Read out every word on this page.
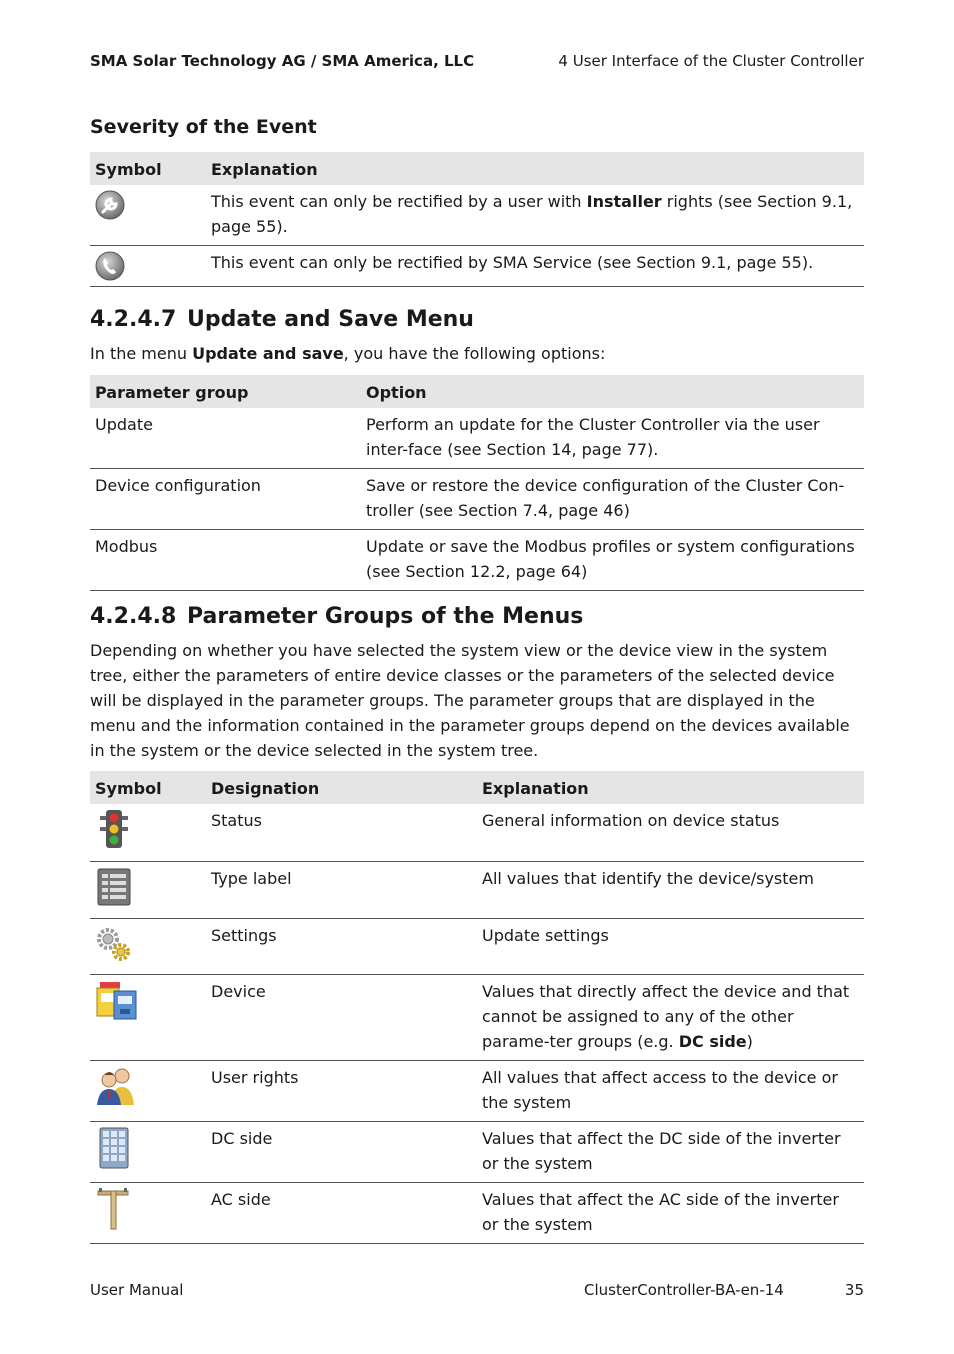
SMA Solar Technology AG / SMA America, LLC	4 User Interface of the Cluster Controller
Severity of the Event
Symbol	Explanation

	This event can only be rectified by a user with Installer rights (see Section 9.1, page 55).

	This event can only be rectified by SMA Service (see Section 9.1, page 55).
4.2.4.7 Update and Save Menu

In the menu Update and save, you have the following options:

Parameter group	Option
Update	Perform an update for the Cluster Controller via the user inter-face (see Section 14, page 77).
Device configuration	Save or restore the device configuration of the Cluster Con-troller (see Section 7.4, page 46)
Modbus	Update or save the Modbus profiles or system configurations (see Section 12.2, page 64)
4.2.4.8 Parameter Groups of the Menus

Depending on whether you have selected the system view or the device view in the system tree, either the parameters of entire device classes or the parameters of the selected device will be displayed in the parameter groups. The parameter groups that are displayed in the menu and the information contained in the parameter groups depend on the devices available in the system or the device selected in the system tree.

Symbol	Designation	Explanation

	Status	General information on device status

	Type label	All values that identify the device/system

	Settings	Update settings

	Device	Values that directly affect the device and that cannot be assigned to any of the other parame-ter groups (e.g. DC side)

	User rights	All values that affect access to the device or the system

	DC side	Values that affect the DC side of the inverter or the system

	AC side	Values that affect the AC side of the inverter or the system
User Manual	ClusterController-BA-en-14	35
